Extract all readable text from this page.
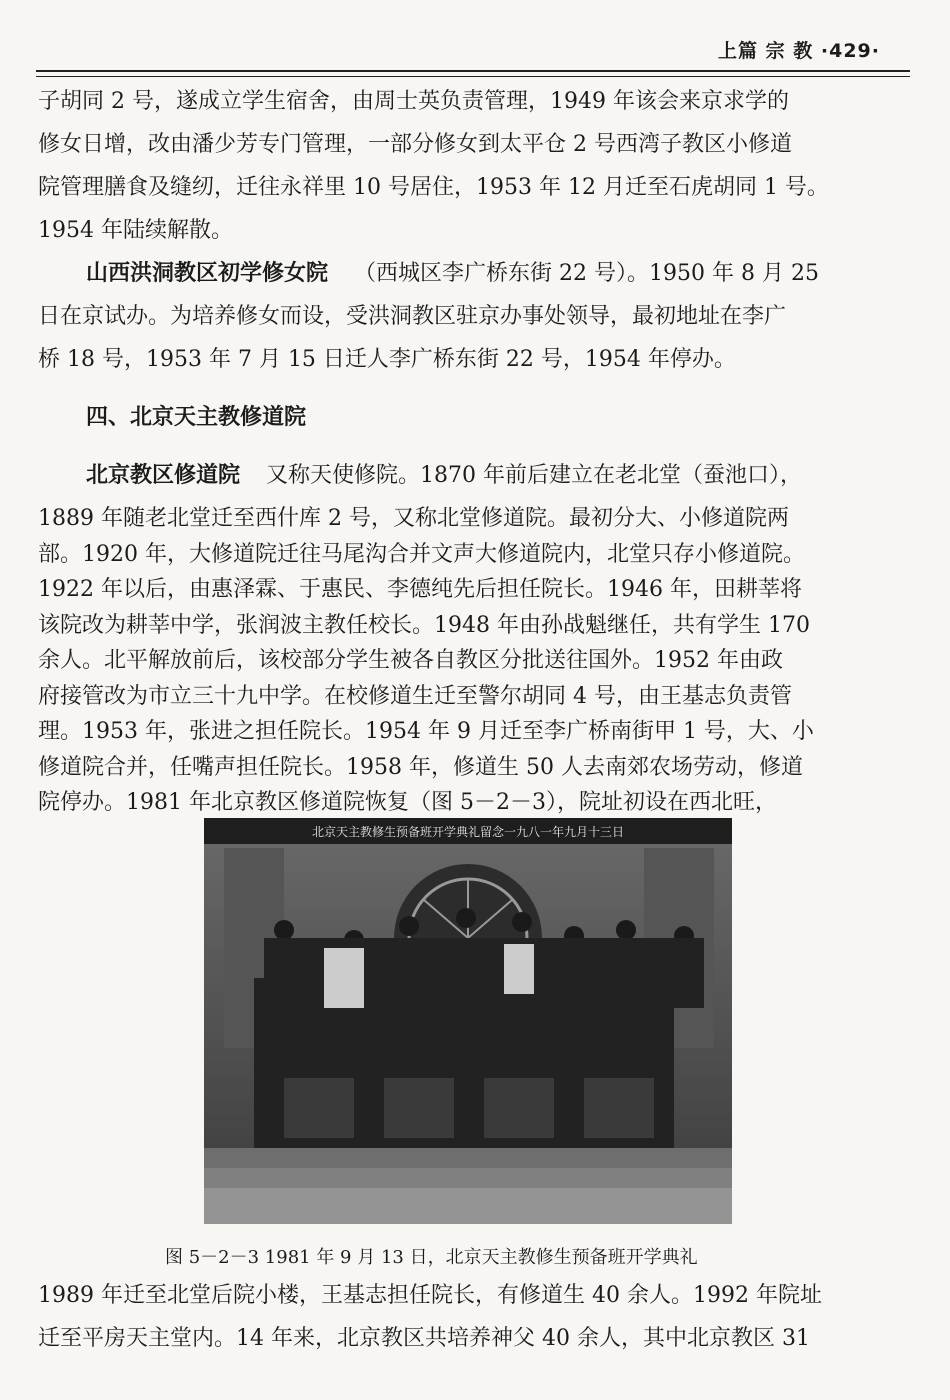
上篇 宗 教 ·429·
子胡同 2 号，遂成立学生宿舍，由周士英负责管理，1949 年该会来京求学的
修女日增，改由潘少芳专门管理，一部分修女到太平仓 2 号西湾子教区小修道
院管理膳食及缝纫，迁往永祥里 10 号居住，1953 年 12 月迁至石虎胡同 1 号。
1954 年陆续解散。
山西洪洞教区初学修女院 （西城区李广桥东街 22 号）。1950 年 8 月 25
日在京试办。为培养修女而设，受洪洞教区驻京办事处领导，最初地址在李广
桥 18 号，1953 年 7 月 15 日迁人李广桥东街 22 号，1954 年停办。
四、北京天主教修道院
北京教区修道院 又称天使修院。1870 年前后建立在老北堂（蚕池口），
1889 年随老北堂迁至西什库 2 号，又称北堂修道院。最初分大、小修道院两
部。1920 年，大修道院迁往马尾沟合并文声大修道院内，北堂只存小修道院。
1922 年以后，由惠泽霖、于惠民、李德纯先后担任院长。1946 年，田耕莘将
该院改为耕莘中学，张润波主教任校长。1948 年由孙战魁继任，共有学生 170
余人。北平解放前后，该校部分学生被各自教区分批送往国外。1952 年由政
府接管改为市立三十九中学。在校修道生迁至警尔胡同 4 号，由王基志负责管
理。1953 年，张进之担任院长。1954 年 9 月迁至李广桥南街甲 1 号，大、小
修道院合并，任嘴声担任院长。1958 年，修道生 50 人去南郊农场劳动，修道
北京天主教修生预备班开学典礼留念一九八一年九月十三日
图 5－2－3 1981 年 9 月 13 日，北京天主教修生预备班开学典礼
1989 年迁至北堂后院小楼，王基志担任院长，有修道生 40 余人。1992 年院址
迁至平房天主堂内。14 年来，北京教区共培养神父 40 余人，其中北京教区 31
院停办。1981 年北京教区修道院恢复（图 5－2－3），院址初设在西北旺，
